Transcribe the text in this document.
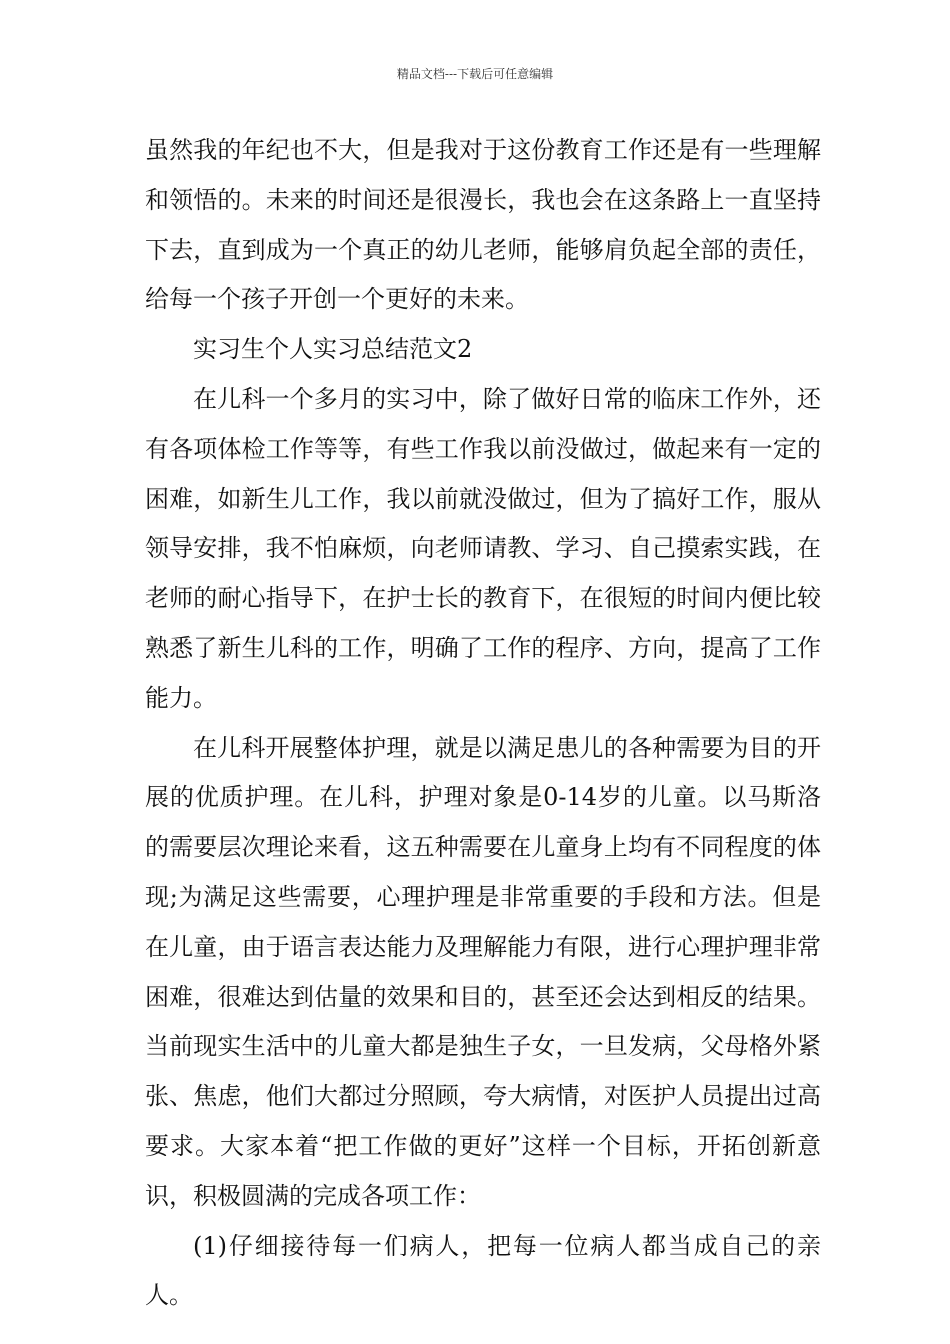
精品文档---下载后可任意编辑

虽然我的年纪也不大，但是我对于这份教育工作还是有一些理解和领悟的。未来的时间还是很漫长，我也会在这条路上一直坚持下去，直到成为一个真正的幼儿老师，能够肩负起全部的责任，给每一个孩子开创一个更好的未来。

实习生个人实习总结范文2

在儿科一个多月的实习中，除了做好日常的临床工作外，还有各项体检工作等等，有些工作我以前没做过，做起来有一定的困难，如新生儿工作，我以前就没做过，但为了搞好工作，服从领导安排，我不怕麻烦，向老师请教、学习、自己摸索实践，在老师的耐心指导下，在护士长的教育下，在很短的时间内便比较熟悉了新生儿科的工作，明确了工作的程序、方向，提高了工作能力。

在儿科开展整体护理，就是以满足患儿的各种需要为目的开展的优质护理。在儿科，护理对象是0-14岁的儿童。以马斯洛的需要层次理论来看，这五种需要在儿童身上均有不同程度的体现;为满足这些需要，心理护理是非常重要的手段和方法。但是在儿童，由于语言表达能力及理解能力有限，进行心理护理非常困难，很难达到估量的效果和目的，甚至还会达到相反的结果。当前现实生活中的儿童大都是独生子女，一旦发病，父母格外紧张、焦虑，他们大都过分照顾，夸大病情，对医护人员提出过高要求。大家本着“把工作做的更好”这样一个目标，开拓创新意识，积极圆满的完成各项工作：

(1)仔细接待每一们病人，把每一位病人都当成自己的亲人。
